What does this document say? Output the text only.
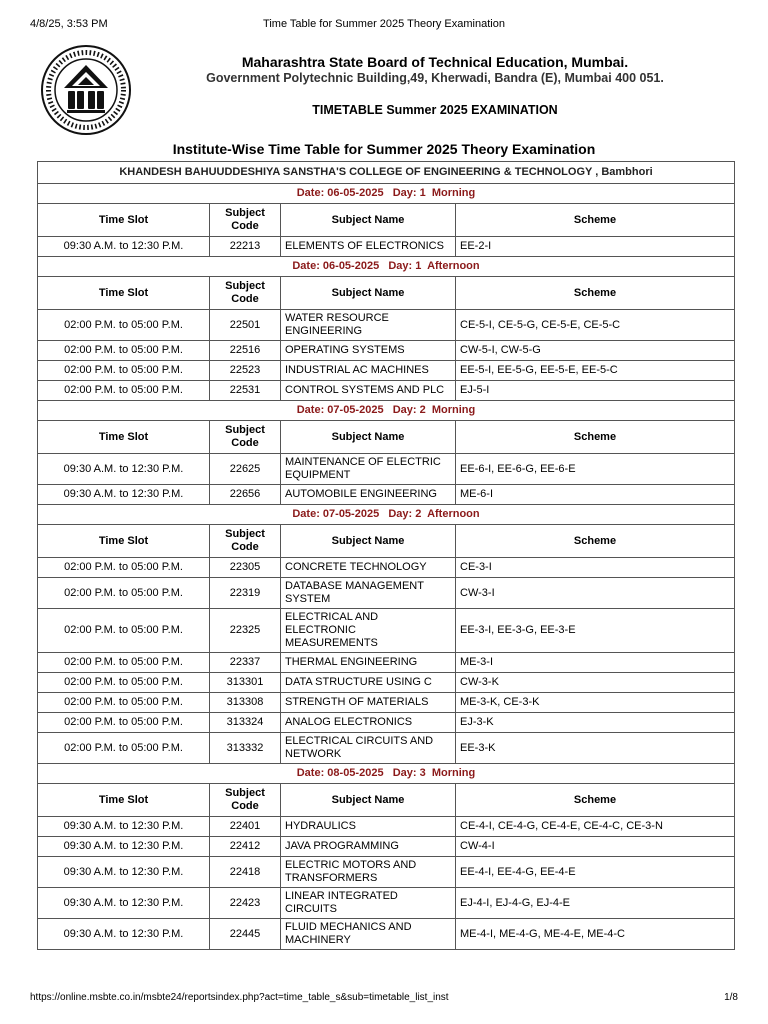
4/8/25, 3:53 PM	Time Table for Summer 2025 Theory Examination
Maharashtra State Board of Technical Education, Mumbai.
Government Polytechnic Building,49, Kherwadi, Bandra (E), Mumbai 400 051.
TIMETABLE Summer 2025 EXAMINATION
Institute-Wise Time Table for Summer 2025 Theory Examination
KHANDESH BAHUUDDESHIYA SANSTHA'S COLLEGE OF ENGINEERING & TECHNOLOGY , Bambhori			
Date: 06-05-2025   Day: 1  Morning			
Time Slot	Subject Code	Subject Name	Scheme
09:30 A.M. to 12:30 P.M.	22213	ELEMENTS OF ELECTRONICS	EE-2-I
Date: 06-05-2025   Day: 1  Afternoon			
Time Slot	Subject Code	Subject Name	Scheme
02:00 P.M. to 05:00 P.M.	22501	WATER RESOURCE ENGINEERING	CE-5-I, CE-5-G, CE-5-E, CE-5-C
02:00 P.M. to 05:00 P.M.	22516	OPERATING SYSTEMS	CW-5-I, CW-5-G
02:00 P.M. to 05:00 P.M.	22523	INDUSTRIAL AC MACHINES	EE-5-I, EE-5-G, EE-5-E, EE-5-C
02:00 P.M. to 05:00 P.M.	22531	CONTROL SYSTEMS AND PLC	EJ-5-I
Date: 07-05-2025   Day: 2  Morning			
Time Slot	Subject Code	Subject Name	Scheme
09:30 A.M. to 12:30 P.M.	22625	MAINTENANCE OF ELECTRIC EQUIPMENT	EE-6-I, EE-6-G, EE-6-E
09:30 A.M. to 12:30 P.M.	22656	AUTOMOBILE ENGINEERING	ME-6-I
Date: 07-05-2025   Day: 2  Afternoon			
Time Slot	Subject Code	Subject Name	Scheme
02:00 P.M. to 05:00 P.M.	22305	CONCRETE TECHNOLOGY	CE-3-I
02:00 P.M. to 05:00 P.M.	22319	DATABASE MANAGEMENT SYSTEM	CW-3-I
02:00 P.M. to 05:00 P.M.	22325	ELECTRICAL AND ELECTRONIC MEASUREMENTS	EE-3-I, EE-3-G, EE-3-E
02:00 P.M. to 05:00 P.M.	22337	THERMAL ENGINEERING	ME-3-I
02:00 P.M. to 05:00 P.M.	313301	DATA STRUCTURE USING C	CW-3-K
02:00 P.M. to 05:00 P.M.	313308	STRENGTH OF MATERIALS	ME-3-K, CE-3-K
02:00 P.M. to 05:00 P.M.	313324	ANALOG ELECTRONICS	EJ-3-K
02:00 P.M. to 05:00 P.M.	313332	ELECTRICAL CIRCUITS AND NETWORK	EE-3-K
Date: 08-05-2025   Day: 3  Morning			
Time Slot	Subject Code	Subject Name	Scheme
09:30 A.M. to 12:30 P.M.	22401	HYDRAULICS	CE-4-I, CE-4-G, CE-4-E, CE-4-C, CE-3-N
09:30 A.M. to 12:30 P.M.	22412	JAVA PROGRAMMING	CW-4-I
09:30 A.M. to 12:30 P.M.	22418	ELECTRIC MOTORS AND TRANSFORMERS	EE-4-I, EE-4-G, EE-4-E
09:30 A.M. to 12:30 P.M.	22423	LINEAR INTEGRATED CIRCUITS	EJ-4-I, EJ-4-G, EJ-4-E
09:30 A.M. to 12:30 P.M.	22445	FLUID MECHANICS AND MACHINERY	ME-4-I, ME-4-G, ME-4-E, ME-4-C
https://online.msbte.co.in/msbte24/reportsindex.php?act=time_table_s&sub=timetable_list_inst	1/8
